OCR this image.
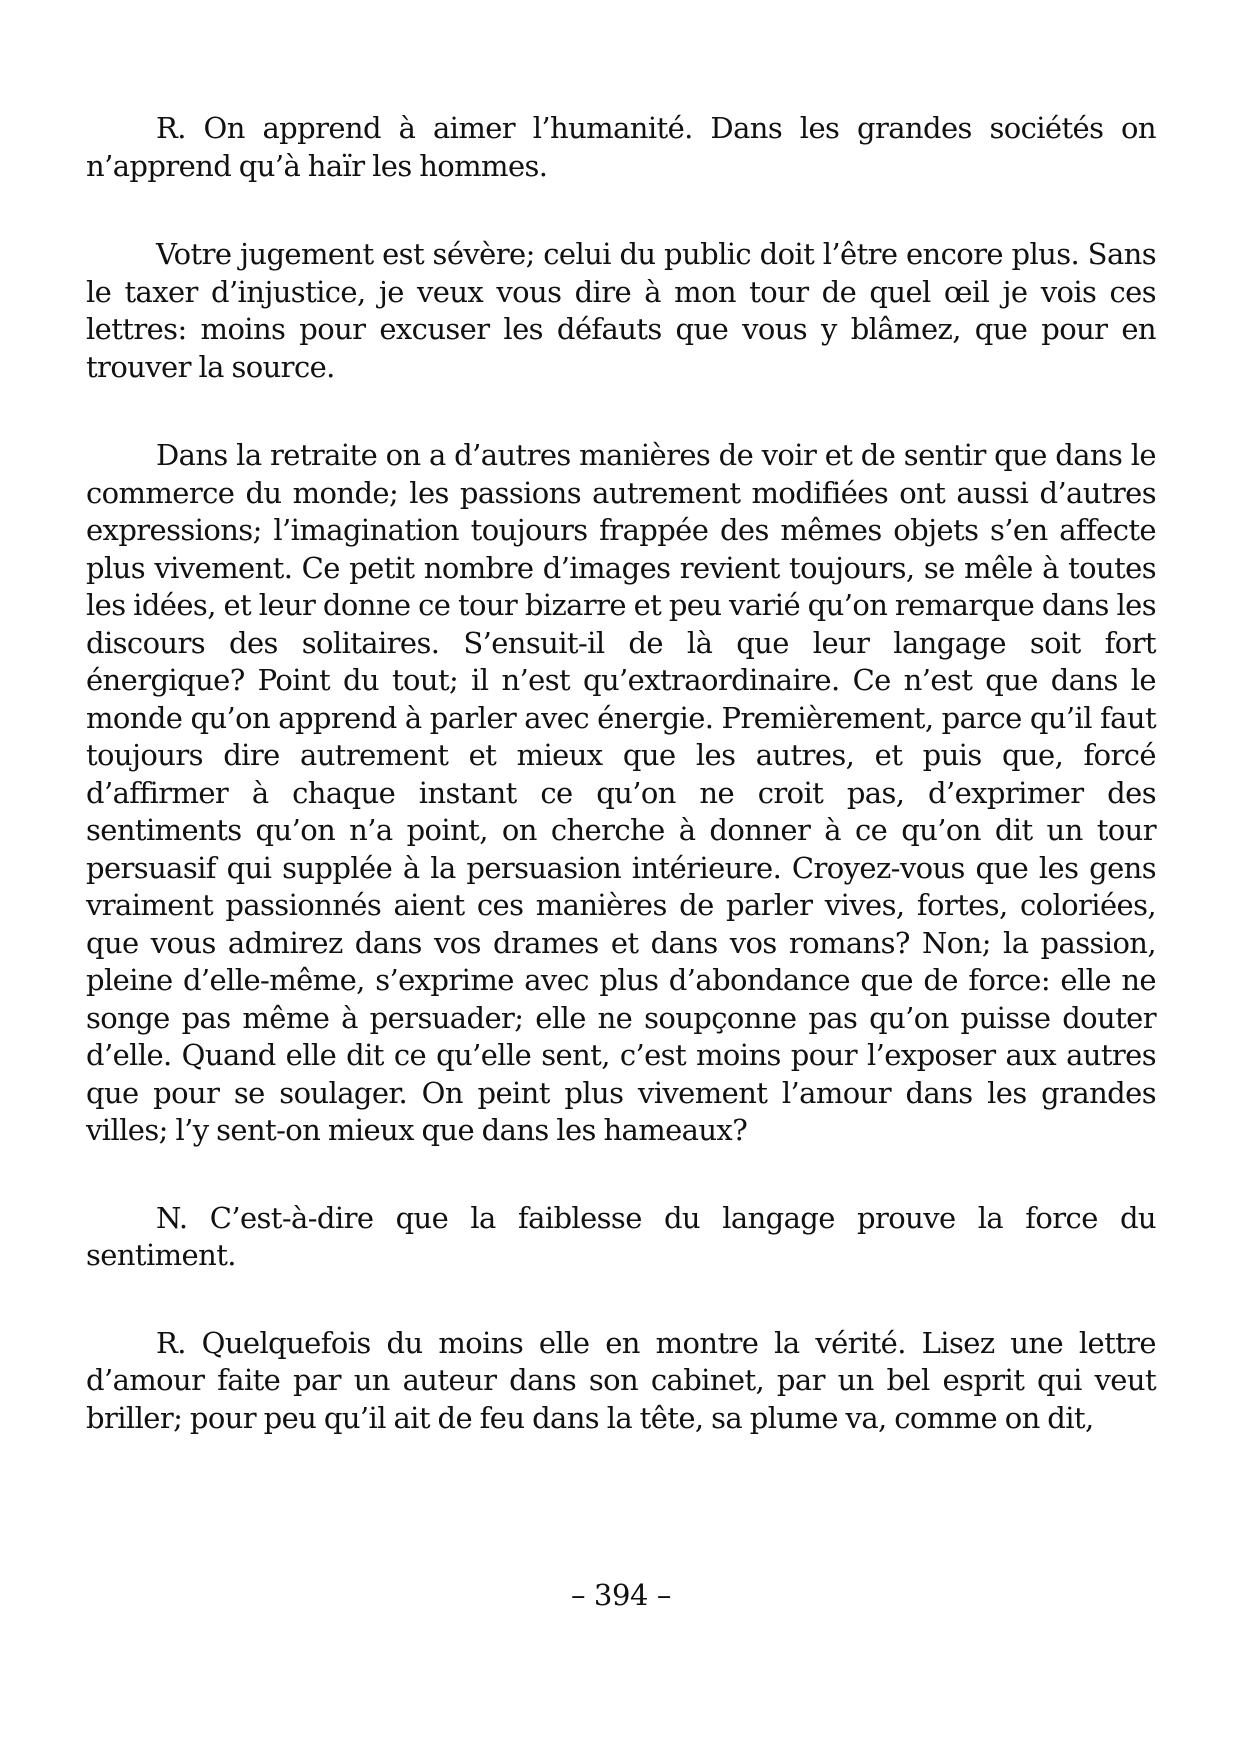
R. On apprend à aimer l’humanité. Dans les grandes sociétés on n’apprend qu’à haïr les hommes.

Votre jugement est sévère; celui du public doit l’être encore plus. Sans le taxer d’injustice, je veux vous dire à mon tour de quel œil je vois ces lettres: moins pour excuser les défauts que vous y blâmez, que pour en trouver la source.

Dans la retraite on a d’autres manières de voir et de sentir que dans le commerce du monde; les passions autrement modifiées ont aussi d’autres expressions; l’imagination toujours frappée des mêmes objets s’en affecte plus vivement. Ce petit nombre d’images revient toujours, se mêle à toutes les idées, et leur donne ce tour bizarre et peu varié qu’on remarque dans les discours des solitaires. S’ensuit-il de là que leur langage soit fort énergique? Point du tout; il n’est qu’extraordinaire. Ce n’est que dans le monde qu’on apprend à parler avec énergie. Premièrement, parce qu’il faut toujours dire autrement et mieux que les autres, et puis que, forcé d’affirmer à chaque instant ce qu’on ne croit pas, d’exprimer des sentiments qu’on n’a point, on cherche à donner à ce qu’on dit un tour persuasif qui supplée à la persuasion intérieure. Croyez-vous que les gens vraiment passionnés aient ces manières de parler vives, fortes, coloriées, que vous admirez dans vos drames et dans vos romans? Non; la passion, pleine d’elle-même, s’exprime avec plus d’abondance que de force: elle ne songe pas même à persuader; elle ne soupçonne pas qu’on puisse douter d’elle. Quand elle dit ce qu’elle sent, c’est moins pour l’exposer aux autres que pour se soulager. On peint plus vivement l’amour dans les grandes villes; l’y sent-on mieux que dans les hameaux?

N. C’est-à-dire que la faiblesse du langage prouve la force du sentiment.

R. Quelquefois du moins elle en montre la vérité. Lisez une lettre d’amour faite par un auteur dans son cabinet, par un bel esprit qui veut briller; pour peu qu’il ait de feu dans la tête, sa plume va, comme on dit,

– 394 –
